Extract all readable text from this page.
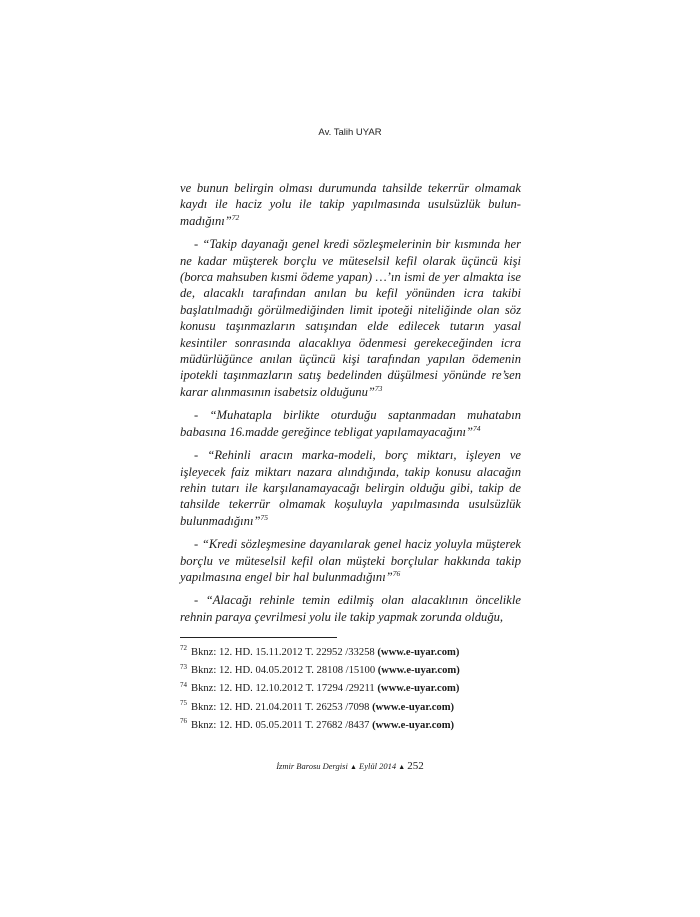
Av. Talih UYAR

ve bunun belirgin olması durumunda tahsilde tekerrür olmamak kaydı ile haciz yolu ile takip yapılmasında usulsüzlük bulunmadığını”$^{72}$

- “Takip dayanağı genel kredi sözleşmelerinin bir kısmında her ne kadar müşterek borçlu ve müteselsil kefil olarak üçüncü kişi (borca mahsuben kısmi ödeme yapan) …’ın ismi de yer almakta ise de, alacaklı tarafından anılan bu kefil yönünden icra takibi başlatılmadığı görülmediğinden limit ipoteği niteliğinde olan söz konusu taşınmazların satışından elde edilecek tutarın yasal kesintiler sonrasında alacaklıya ödenmesi gerekeceğinden icra müdürlüğünce anılan üçüncü kişi tarafından yapılan ödemenin ipotekli taşınmazların satış bedelinden düşülmesi yönünde re’sen karar alınmasının isabetsiz olduğunu”$^{73}$

- “Muhatapla birlikte oturduğu saptanmadan muhatabın babasına 16.madde gereğince tebligat yapılamayacağını”$^{74}$

- “Rehinli aracın marka-modeli, borç miktarı, işleyen ve işleyecek faiz miktarı nazara alındığında, takip konusu alacağın rehin tutarı ile karşılanamayacağı belirgin olduğu gibi, takip de tahsilde tekerrür olmamak koşuluyla yapılmasında usulsüzlük bulunmadığını”$^{75}$

- “Kredi sözleşmesine dayanılarak genel haciz yoluyla müşterek borçlu ve müteselsil kefil olan müşteki borçlular hakkında takip yapılmasına engel bir hal bulunmadığını”$^{76}$

- “Alacağı rehinle temin edilmiş olan alacaklının öncelikle rehnin paraya çevrilmesi yolu ile takip yapmak zorunda olduğu,

$^{72}$ Bknz: 12. HD. 15.11.2012 T. 22952 /33258 (www.e-uyar.com)
$^{73}$ Bknz: 12. HD. 04.05.2012 T. 28108 /15100 (www.e-uyar.com)
$^{74}$ Bknz: 12. HD. 12.10.2012 T. 17294 /29211 (www.e-uyar.com)
$^{75}$ Bknz: 12. HD. 21.04.2011 T. 26253 /7098 (www.e-uyar.com)
$^{76}$ Bknz: 12. HD. 05.05.2011 T. 27682 /8437 (www.e-uyar.com)
İzmir Barosu Dergisi ▲ Eylül 2014 ▲ 252
